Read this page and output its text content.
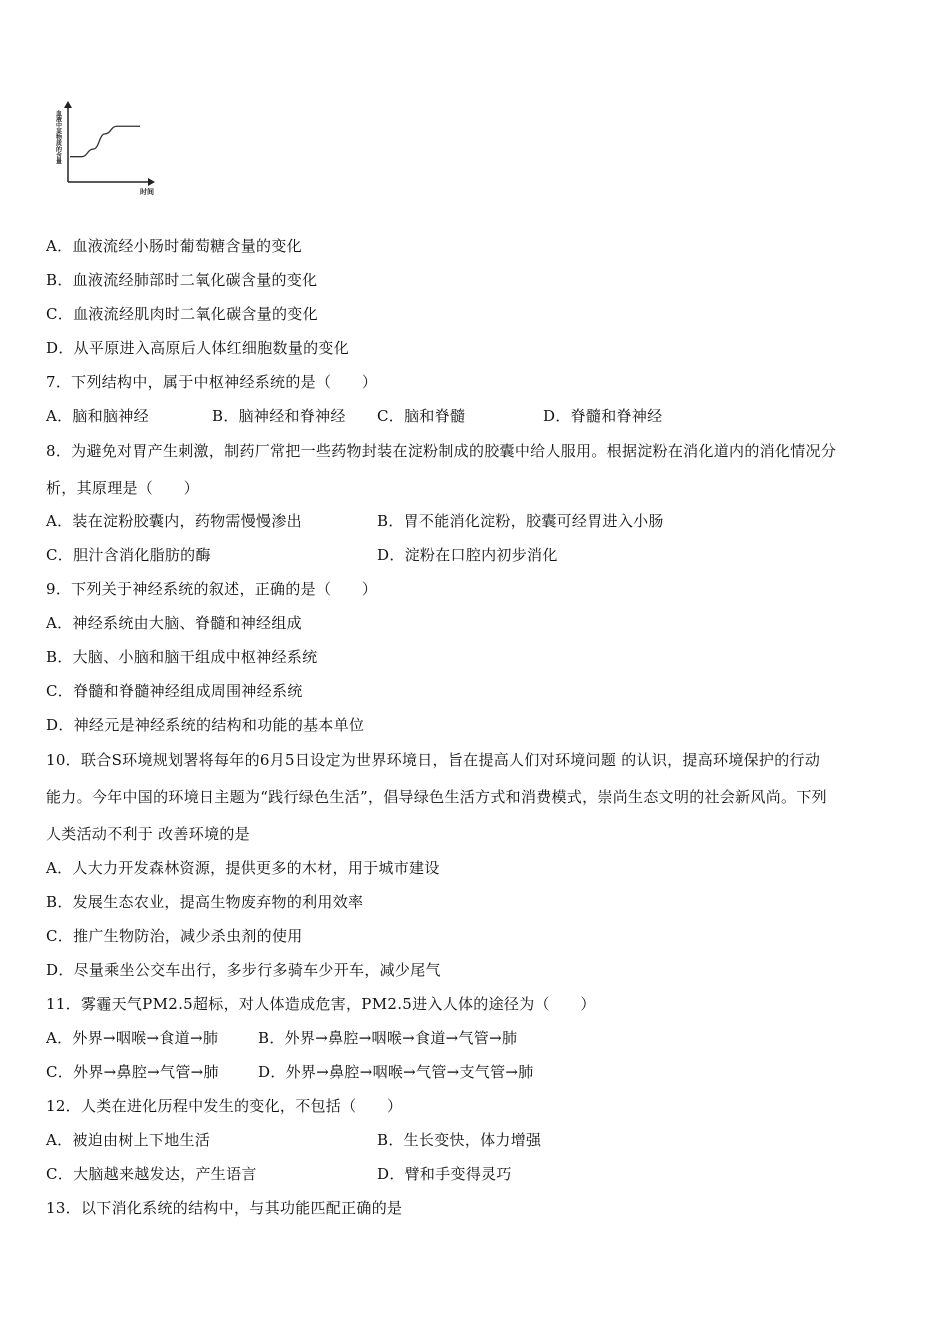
血液中某物质的含量
时间
A．血液流经小肠时葡萄糖含量的变化
B．血液流经肺部时二氧化碳含量的变化
C．血液流经肌肉时二氧化碳含量的变化
D．从平原进入高原后人体红细胞数量的变化
7．下列结构中，属于中枢神经系统的是（　　）
A．脑和脑神经	B．脑神经和脊神经 C．脑和脊髓	D．脊髓和脊神经
8．为避免对胃产生刺激，制药厂常把一些药物封装在淀粉制成的胶囊中给人服用。根据淀粉在消化道内的消化情况分
析，其原理是（　　）
A．装在淀粉胶囊内，药物需慢慢渗出	B．胃不能消化淀粉，胶囊可经胃进入小肠
C．胆汁含消化脂肪的酶	D．淀粉在口腔内初步消化
9．下列关于神经系统的叙述，正确的是（　　）
A．神经系统由大脑、脊髓和神经组成
B．大脑、小脑和脑干组成中枢神经系统
C．脊髓和脊髓神经组成周围神经系统
D．神经元是神经系统的结构和功能的基本单位
10．联合S环境规划署将每年的6月5日设定为世界环境日，旨在提高人们对环境问题 的认识，提高环境保护的行动
能力。今年中国的环境日主题为“践行绿色生活”，倡导绿色生活方式和消费模式，崇尚生态文明的社会新风尚。下列
人类活动不利于 改善环境的是
A．人大力开发森林资源，提供更多的木材，用于城市建设
B．发展生态农业，提高生物废弃物的利用效率
C．推广生物防治，减少杀虫剂的使用
D．尽量乘坐公交车出行，多步行多骑车少开车，减少尾气
11．雾霾天气PM2.5超标，对人体造成危害，PM2.5进入人体的途径为（　　）
A．外界→咽喉→食道→肺	B．外界→鼻腔→咽喉→食道→气管→肺
C．外界→鼻腔→气管→肺	D．外界→鼻腔→咽喉→气管→支气管→肺
12．人类在进化历程中发生的变化，不包括（　　）
A．被迫由树上下地生活	B．生长变快，体力增强
C．大脑越来越发达，产生语言	D．臂和手变得灵巧
13．以下消化系统的结构中，与其功能匹配正确的是
